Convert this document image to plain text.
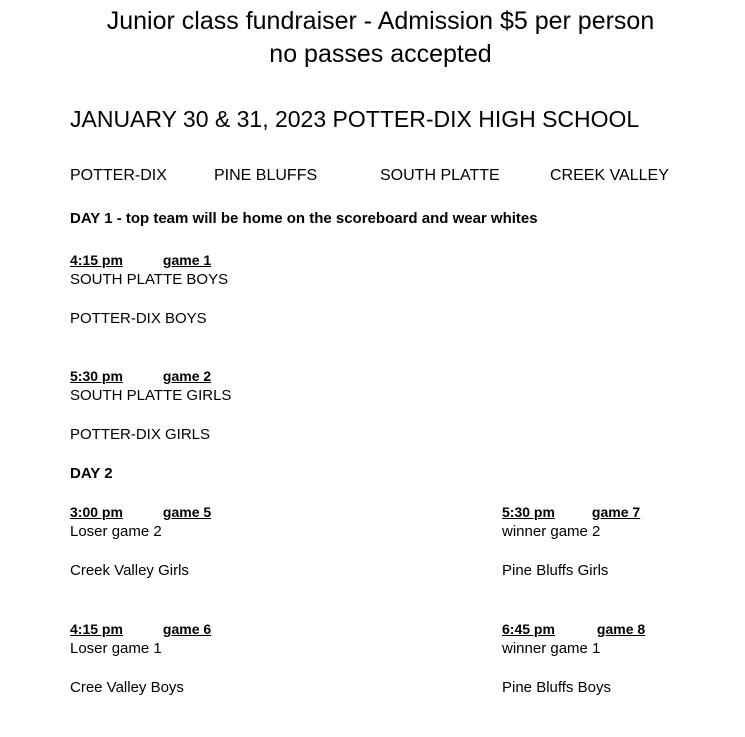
Junior class fundraiser - Admission $5 per person
no passes accepted
JANUARY 30 & 31, 2023 POTTER-DIX HIGH SCHOOL
POTTER-DIX	PINE BLUFFS	SOUTH PLATTE	CREEK VALLEY
DAY 1 - top team will be home on the scoreboard and wear whites
4:15 pm	game 1
SOUTH PLATTE BOYS
POTTER-DIX BOYS
5:30 pm	game 2
SOUTH PLATTE GIRLS
POTTER-DIX GIRLS
DAY 2
3:00 pm	game 5
Loser game 2
Creek Valley Girls
5:30 pm	game 7
winner game 2
Pine Bluffs Girls
4:15 pm	game 6
Loser game 1
Cree Valley Boys
6:45 pm	game 8
winner game 1
Pine Bluffs Boys
